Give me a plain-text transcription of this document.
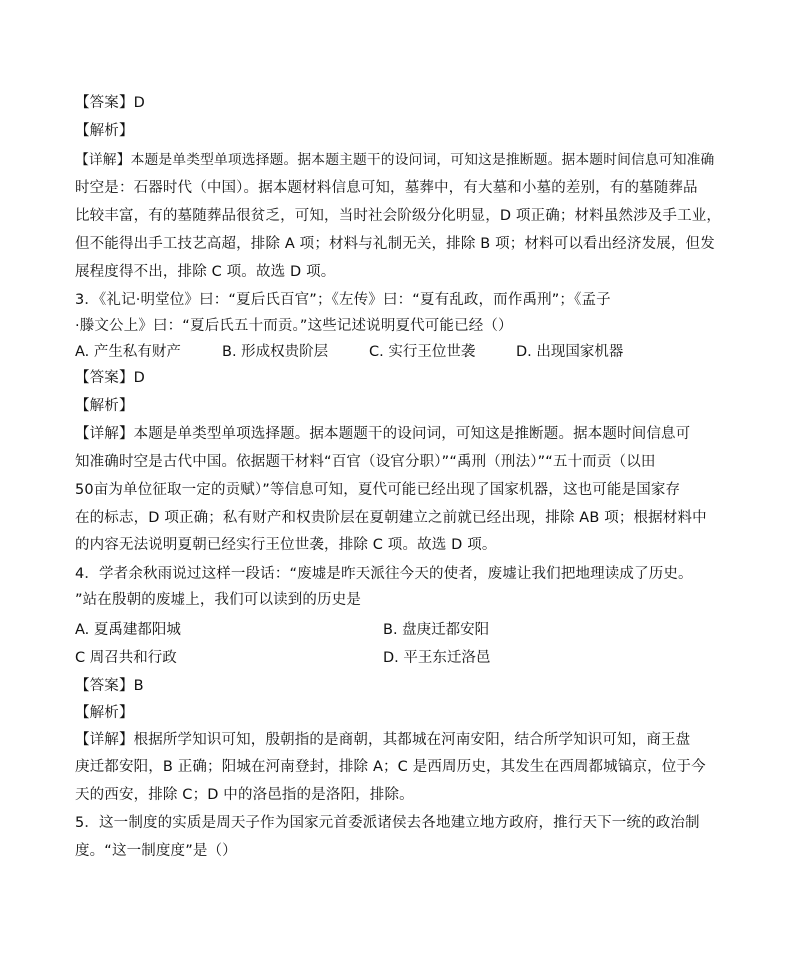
【答案】D
【解析】
【详解】本题是单类型单项选择题。据本题主题干的设问词，可知这是推断题。据本题时间信息可知准确
时空是：石器时代（中国）。据本题材料信息可知，墓葬中，有大墓和小墓的差别，有的墓随葬品
比较丰富，有的墓随葬品很贫乏，可知，当时社会阶级分化明显，D 项正确；材料虽然涉及手工业，
但不能得出手工技艺高超，排除 A 项；材料与礼制无关，排除 B 项；材料可以看出经济发展，但发
展程度得不出，排除 C 项。故选 D 项。
3．《礼记·明堂位》曰：“夏后氏百官”；《左传》曰：“夏有乱政，而作禹刑”；《孟子
·滕文公上》曰：“夏后氏五十而贡。”这些记述说明夏代可能已经（）
A. 产生私有财产	B. 形成权贵阶层	C. 实行王位世袭	D. 出现国家机器
【答案】D
【解析】
【详解】本题是单类型单项选择题。据本题题干的设问词，可知这是推断题。据本题时间信息可
知准确时空是古代中国。依据题干材料“百官（设官分职）”“禹刑（刑法）”“五十而贡（以田
50亩为单位征取一定的贡赋）”等信息可知，夏代可能已经出现了国家机器，这也可能是国家存
在的标志，D 项正确；私有财产和权贵阶层在夏朝建立之前就已经出现，排除 AB 项；根据材料中
的内容无法说明夏朝已经实行王位世袭，排除 C 项。故选 D 项。
4．学者余秋雨说过这样一段话：“废墟是昨天派往今天的使者，废墟让我们把地理读成了历史。
”站在殷朝的废墟上，我们可以读到的历史是
A. 夏禹建都阳城	B. 盘庚迁都安阳
C 周召共和行政	D. 平王东迁洛邑
【答案】B
【解析】
【详解】根据所学知识可知，殷朝指的是商朝，其都城在河南安阳，结合所学知识可知，商王盘
庚迁都安阳，B 正确；阳城在河南登封，排除 A；C 是西周历史，其发生在西周都城镐京，位于今
天的西安，排除 C；D 中的洛邑指的是洛阳，排除。
5．这一制度的实质是周天子作为国家元首委派诸侯去各地建立地方政府，推行天下一统的政治制
度。“这一制度度”是（）
